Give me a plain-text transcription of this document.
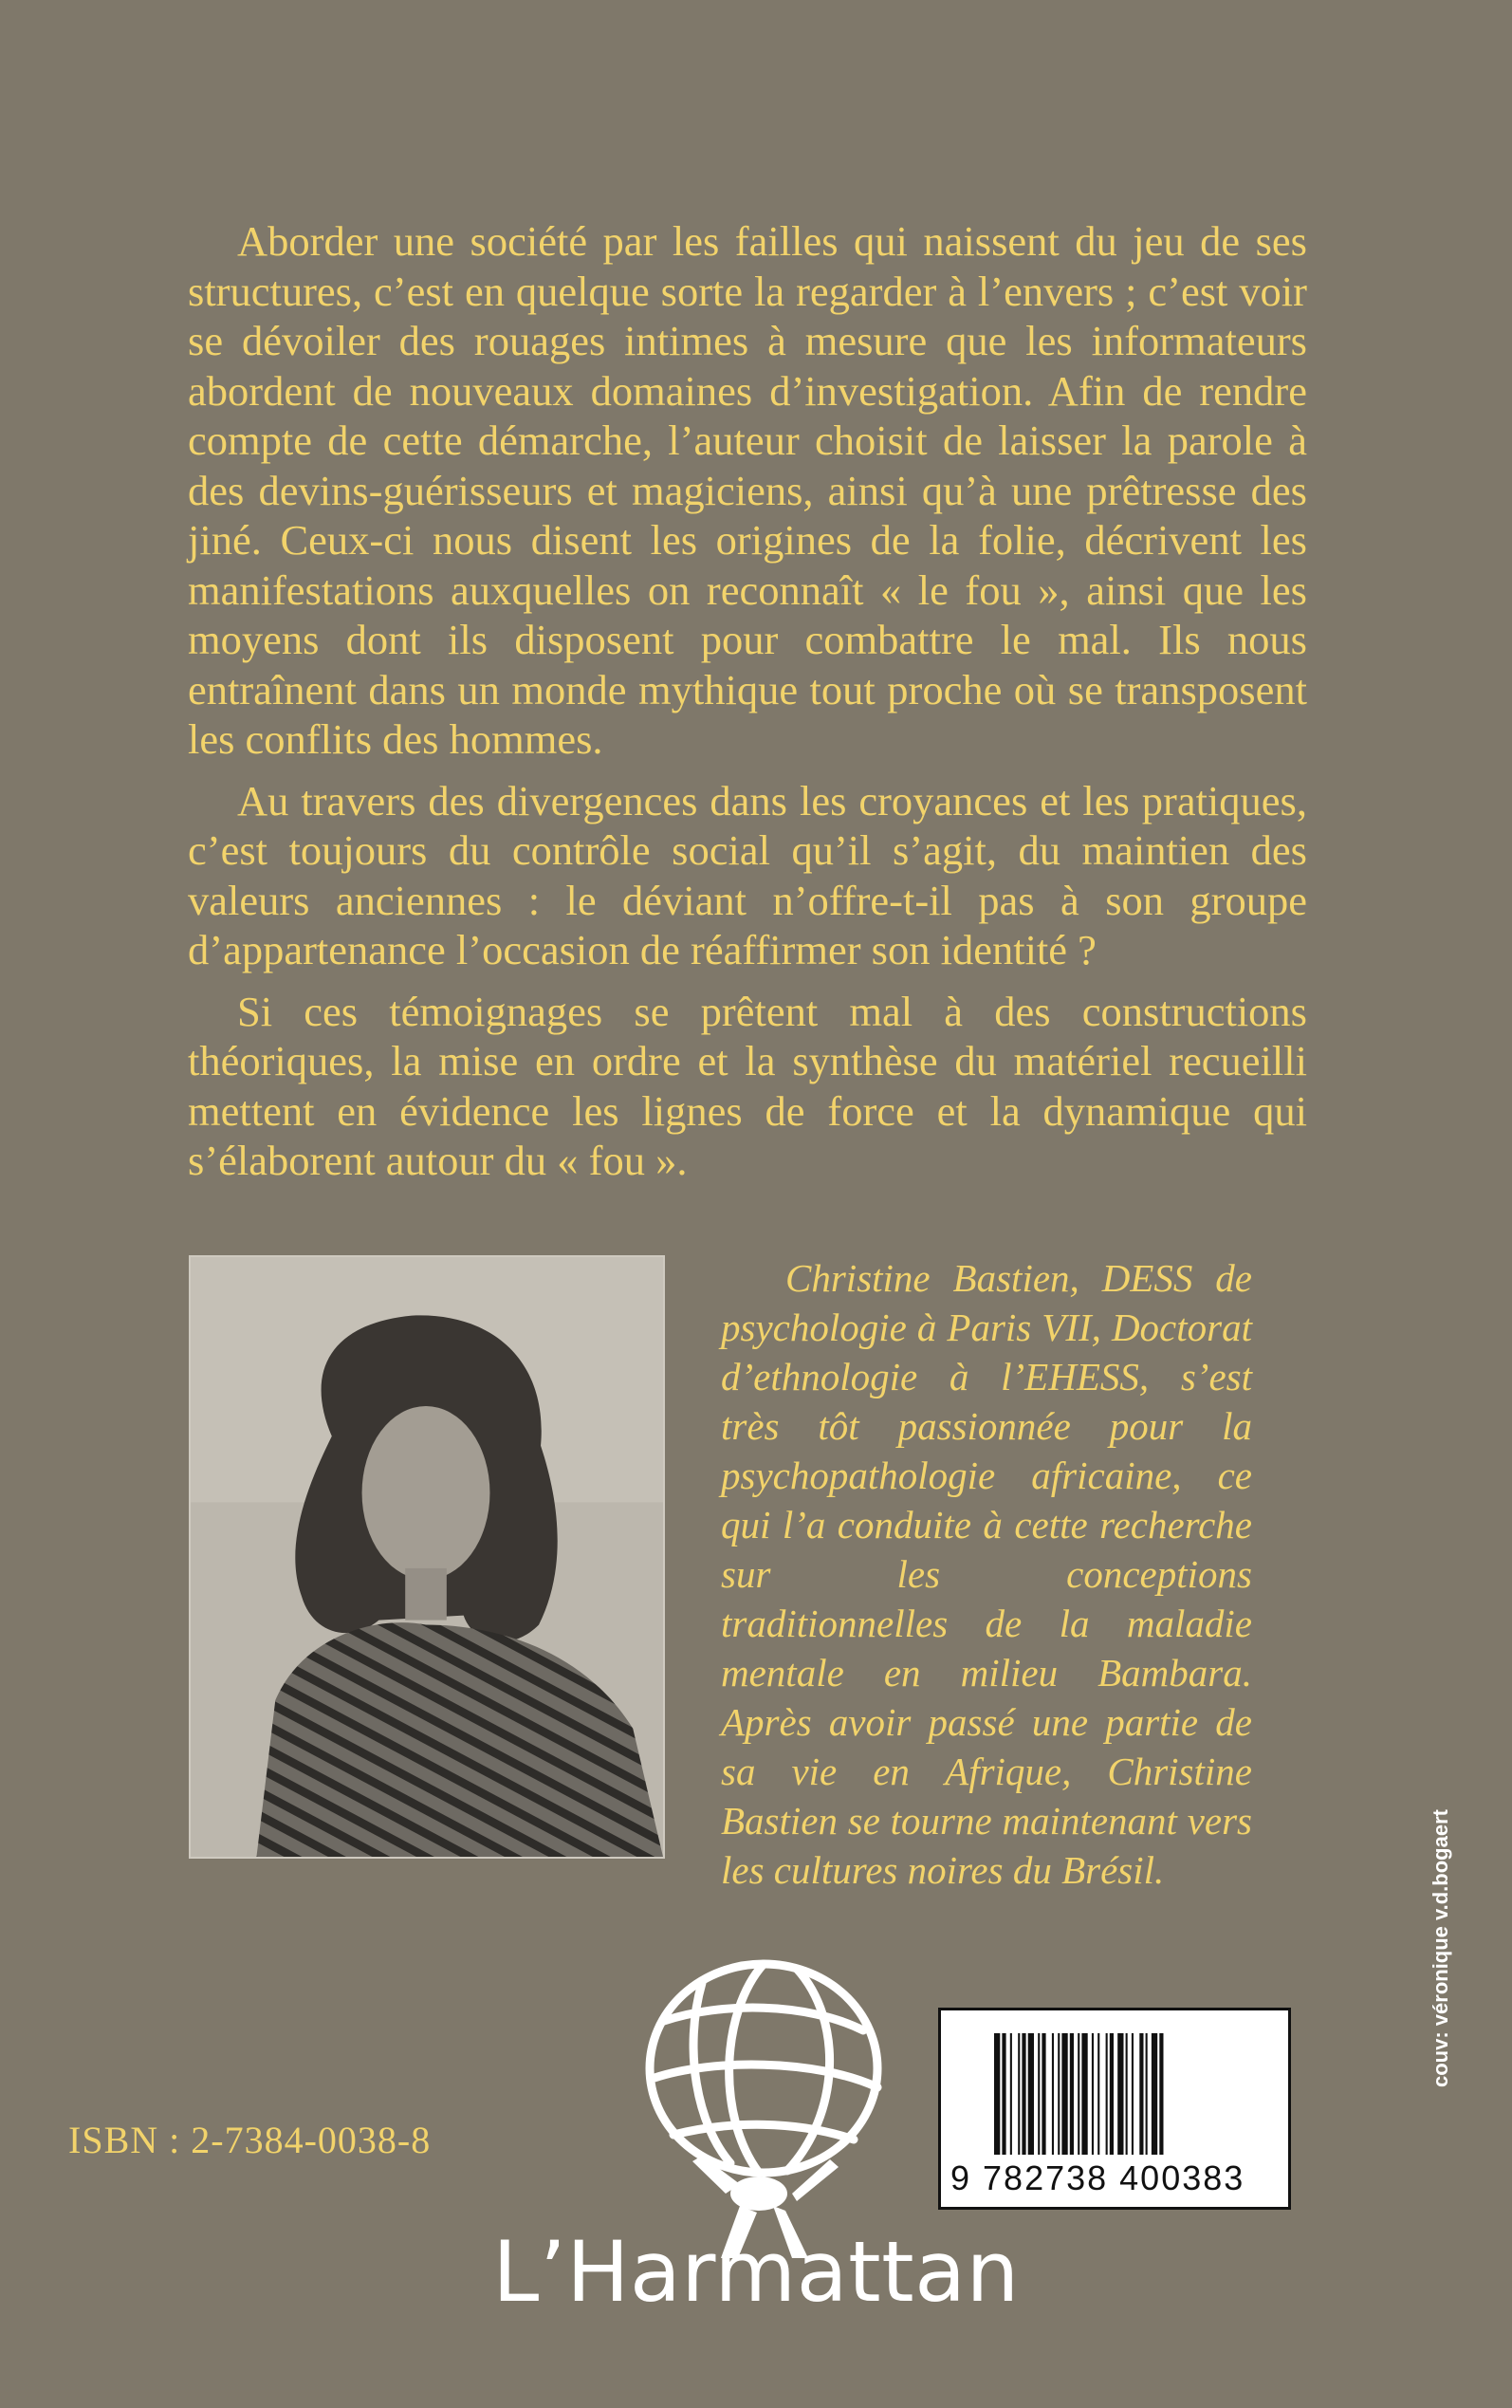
Aborder une société par les failles qui naissent du jeu de ses structures, c’est en quelque sorte la regarder à l’envers ; c’est voir se dévoiler des rouages intimes à mesure que les informateurs abordent de nouveaux domaines d’investigation. Afin de rendre compte de cette démarche, l’auteur choisit de laisser la parole à des devins-guérisseurs et magiciens, ainsi qu’à une prêtresse des jiné. Ceux-ci nous disent les origines de la folie, décrivent les manifestations auxquelles on reconnaît « le fou », ainsi que les moyens dont ils disposent pour combattre le mal. Ils nous entraînent dans un monde mythique tout proche où se transposent les conflits des hommes.

Au travers des divergences dans les croyances et les pratiques, c’est toujours du contrôle social qu’il s’agit, du maintien des valeurs anciennes : le déviant n’offre-t-il pas à son groupe d’appartenance l’occasion de réaffirmer son identité ?

Si ces témoignages se prêtent mal à des constructions théoriques, la mise en ordre et la synthèse du matériel recueilli mettent en évidence les lignes de force et la dynamique qui s’élaborent autour du « fou ».

Christine Bastien, DESS de psychologie à Paris VII, Doctorat d’ethnologie à l’EHESS, s’est très tôt passionnée pour la psychopathologie africaine, ce qui l’a conduite à cette recherche sur les conceptions traditionnelles de la maladie mentale en milieu Bambara. Après avoir passé une partie de sa vie en Afrique, Christine Bastien se tourne maintenant vers les cultures noires du Brésil.

ISBN : 2-7384-0038-8
L’Harmattan
9 782738 400383
couv: véronique v.d.bogaert
